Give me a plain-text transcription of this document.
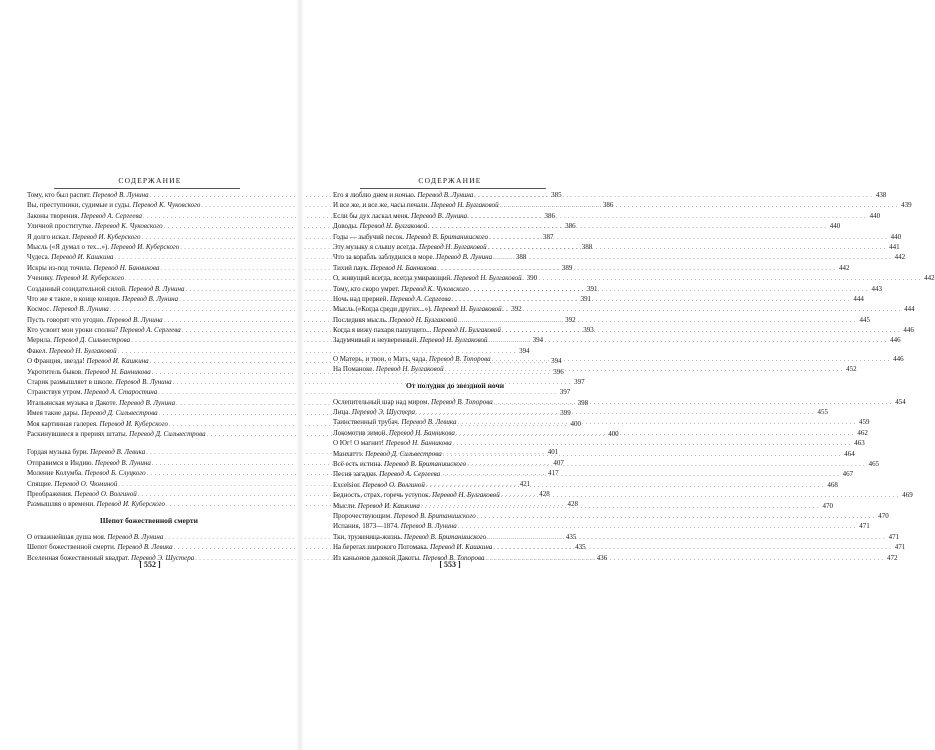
СОДЕРЖАНИЕ
Тому, кто был распят. Перевод В. Лунина . . .	385
Вы, преступники, судимые и суды. Перевод К. Чуковского . . .	386
Законы творения. Перевод А. Сергеева . . .	386
Уличной проститутке. Перевод К. Чуковского . . .	386
Я долго искал. Перевод И. Куберского . . .	387
Мысль («Я думал о тех...»). Перевод И. Куберского . . .	388
Чудеса. Перевод И. Кашкина . . .	388
Искры из-под точила. Перевод Н. Банникова . . .	389
Ученику. Перевод И. Куберского . . .	390
Созданный созидательной силой. Перевод В. Лунина . . .	391
Что же я такое, в конце концов. Перевод В. Лунина . . .	391
Космос. Перевод В. Лунина . . .	392
Пусть говорят что угодно. Перевод В. Лунина . . .	392
Кто усвоит мои уроки сполна? Перевод А. Сергеева . . .	393
Мерила. Перевод Д. Сильвестрова . . .	394
Факел. Перевод Н. Булгаковой . . .	394
О Франция, звезда! Перевод И. Кашкина . . .	394
Укротитель быков. Перевод Н. Банникова . . .	396
Старик размышляет в школе. Перевод В. Лунина . . .	397
Странствуя утром. Перевод А. Старостина . . .	397
Итальянская музыка в Дакоте. Перевод В. Лунина . . .	398
Имея такие дары. Перевод Д. Сильвестрова . . .	399
Моя картинная галерея. Перевод И. Куберского . . .	400
Раскинувшиеся в прериях штаты. Перевод Д. Сильвестрова . . .	400
Гордая музыка бури. Перевод В. Левика . . .	401
Отправимся в Индию. Перевод В. Лунина . . .	407
Моление Колумба. Перевод Б. Слуцкого . . .	417
Спящие. Перевод О. Чюминой . . .	421
Преображения. Перевод О. Волгиной . . .	428
Размышляя о времени. Перевод И. Куберского . . .	428
Шепот божественной смерти
О отважнейшая душа моя. Перевод В. Лунина . . .	435
Шепот божественной смерти. Перевод В. Левика . . .	435
Вселенная божественный квадрат. Перевод Э. Шустера . . .	436
[ 552 ]
СОДЕРЖАНИЕ
Его я люблю днем и ночью. Перевод В. Лунина . . .	438
И все же, и все же, часы печали. Перевод Н. Булгаковой . . .	439
Если бы дух ласкал меня. Перевод В. Лунина . . .	440
Доводы. Перевод Н. Булгаковой . . .	440
Годы — зыбучий песок. Перевод В. Британишского . . .	440
Эту музыку я слышу всегда. Перевод Н. Булгаковой . . .	441
Что за корабль заблудился в море. Перевод В. Лунина . . .	442
Тихий паук. Перевод Н. Банникова . . .	442
О, живущий всегда, всегда умирающий. Перевод Н. Булгаковой . . .	442
Тому, кто скоро умрет. Перевод К. Чуковского . . .	443
Ночь над прерией. Перевод А. Сергеева . . .	444
Мысль («Когда среди других...»). Перевод Н. Булгаковой . . .	444
Последняя мысль. Перевод Н. Булгаковой . . .	445
Когда я вижу пахаря пашущего... Перевод Н. Булгаковой . . .	446
Задумчивый и неуверенный. Перевод Н. Булгаковой . . .	446
О Матерь, и твои, о Мать, чада. Перевод В. Топорова . . .	446
На Поманоке. Перевод Н. Булгаковой . . .	452
От полудня до звездной ночи
Ослепительный шар над миром. Перевод В. Топорова . . .	454
Лица. Перевод Э. Шустера . . .	455
Таинственный трубач. Перевод В. Левика . . .	459
Локомотив зимой. Перевод Н. Банникова . . .	462
О Юг! О магнит! Перевод Н. Банникова . . .	463
Манхаттэ. Перевод Д. Сильвестрова . . .	464
Всё есть истина. Перевод В. Британишского . . .	465
Песня загадки. Перевод А. Сергеева . . .	467
Excelsior. Перевод О. Волгиной . . .	468
Бедность, страх, горечь уступок. Перевод Н. Булгаковой . . .	469
Мысли. Перевод И. Кашкина . . .	470
Пророчествующим. Перевод В. Британишского . . .	470
Испания, 1873—1874. Перевод В. Лунина . . .	471
Тки, труженица-жизнь. Перевод В. Британишского . . .	471
На берегах широкого Потомака. Перевод И. Кашкина . . .	471
Из каньонов далекой Дакоты. Перевод В. Топорова . . .	472
[ 553 ]
